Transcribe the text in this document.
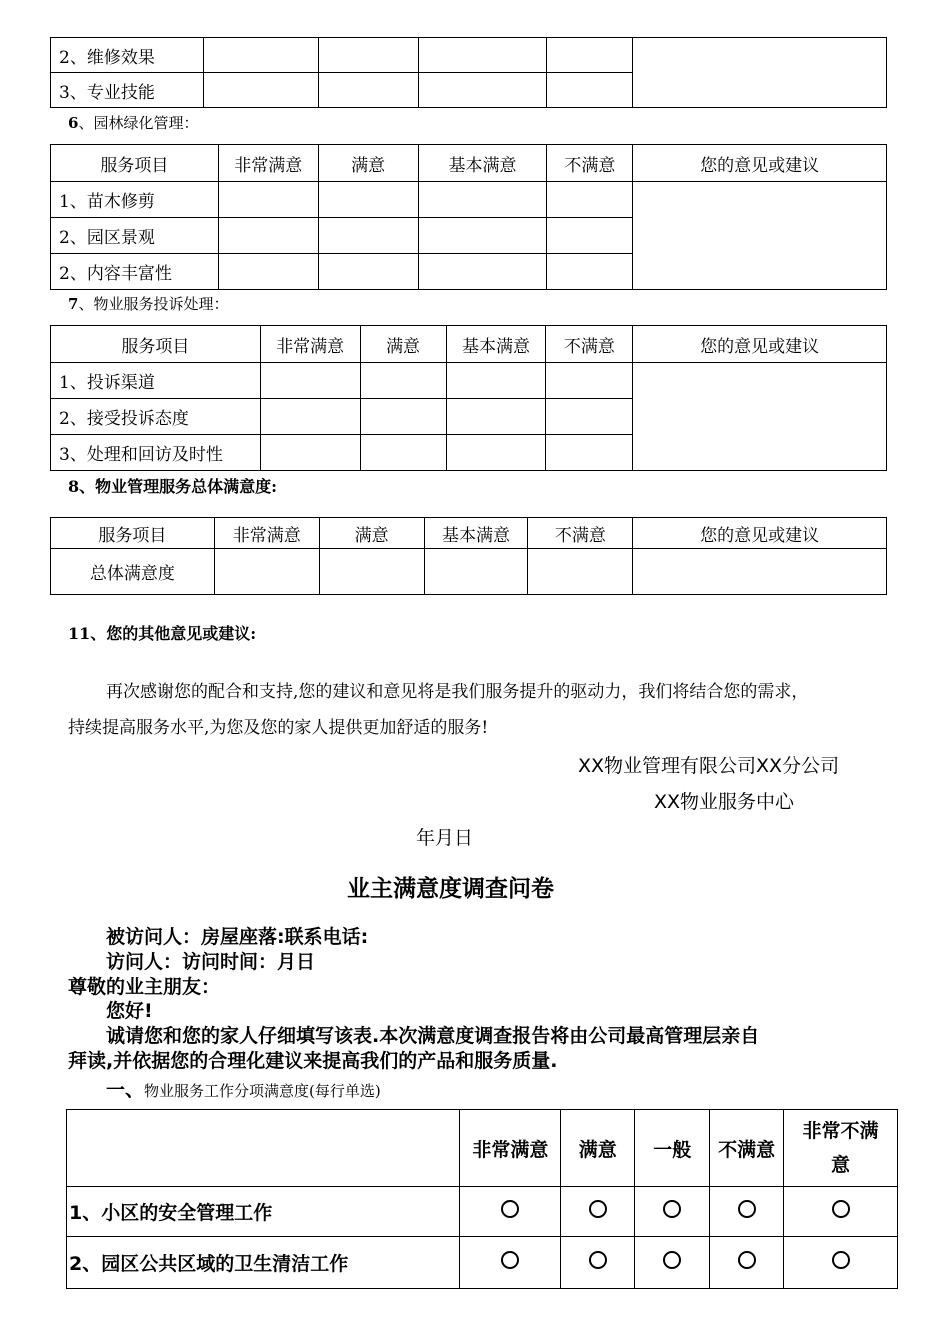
2、维修效果					
3、专业技能					
6、园林绿化管理：
服务项目	非常满意	满意	基本满意	不满意	您的意见或建议
1、苗木修剪					
2、园区景观					
2、内容丰富性					
7、物业服务投诉处理：
服务项目	非常满意	满意	基本满意	不满意	您的意见或建议
1、投诉渠道					
2、接受投诉态度					
3、处理和回访及时性					
8、物业管理服务总体满意度:
服务项目	非常满意	满意	基本满意	不满意	您的意见或建议
总体满意度					
11、您的其他意见或建议:
再次感谢您的配合和支持,您的建议和意见将是我们服务提升的驱动力，我们将结合您的需求，
持续提高服务水平,为您及您的家人提供更加舒适的服务!
XX物业管理有限公司XX分公司
XX物业服务中心
年月日
业主满意度调查问卷
被访问人：房屋座落:联系电话:
访问人：访问时间：月日
尊敬的业主朋友：
您好!
诚请您和您的家人仔细填写该表.本次满意度调查报告将由公司最高管理层亲自
拜读,并依据您的合理化建议来提高我们的产品和服务质量.
一、物业服务工作分项满意度(每行单选)
	非常满意	满意	一般	不满意	非常不满意
1、小区的安全管理工作					
2、园区公共区域的卫生清洁工作					
